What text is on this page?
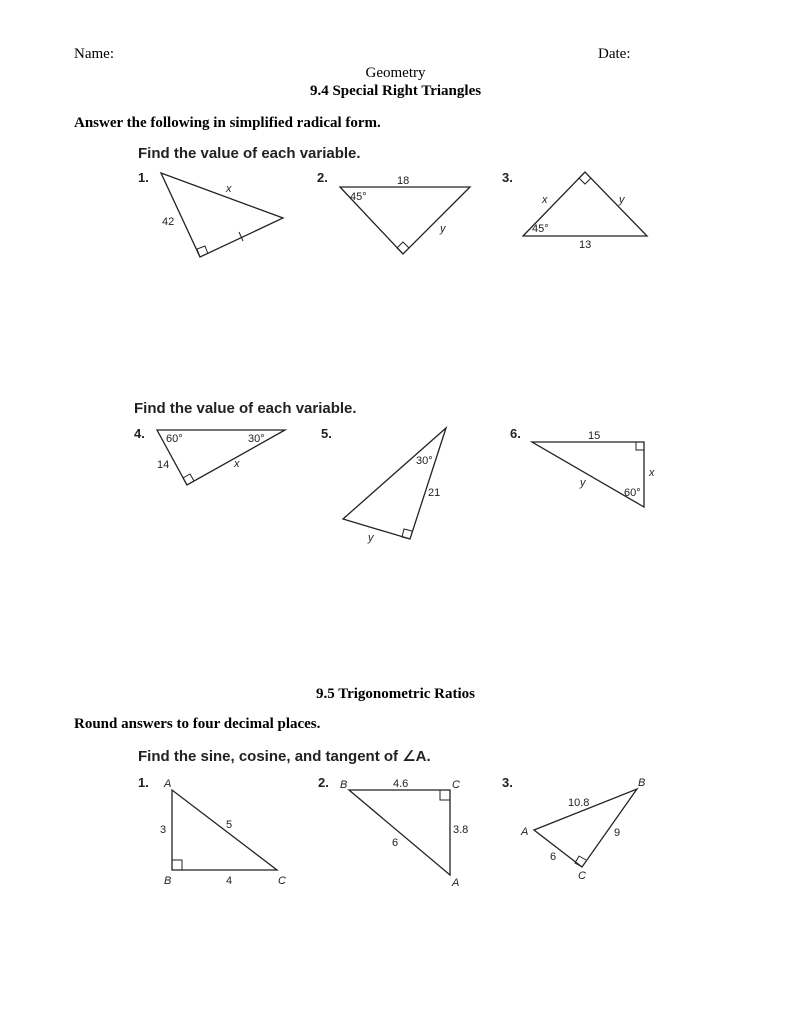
Name:	Date:
Geometry
9.4 Special Right Triangles
Answer the following in simplified radical form.
Find the value of each variable.
1.	2.	3.
x
42
18
45°
y
x	y
45°
13
Find the value of each variable.
4.	5.	6.
60°	30°
14	x	30°
21
y
15
x
y
60°
9.5 Trigonometric Ratios
Round answers to four decimal places.
Find the sine, cosine, and tangent of ∠A.
1.	2.	3.
A
B	C
3	5
4
B	C
A
4.6
6
3.8	A
B
C
10.8
9
6
